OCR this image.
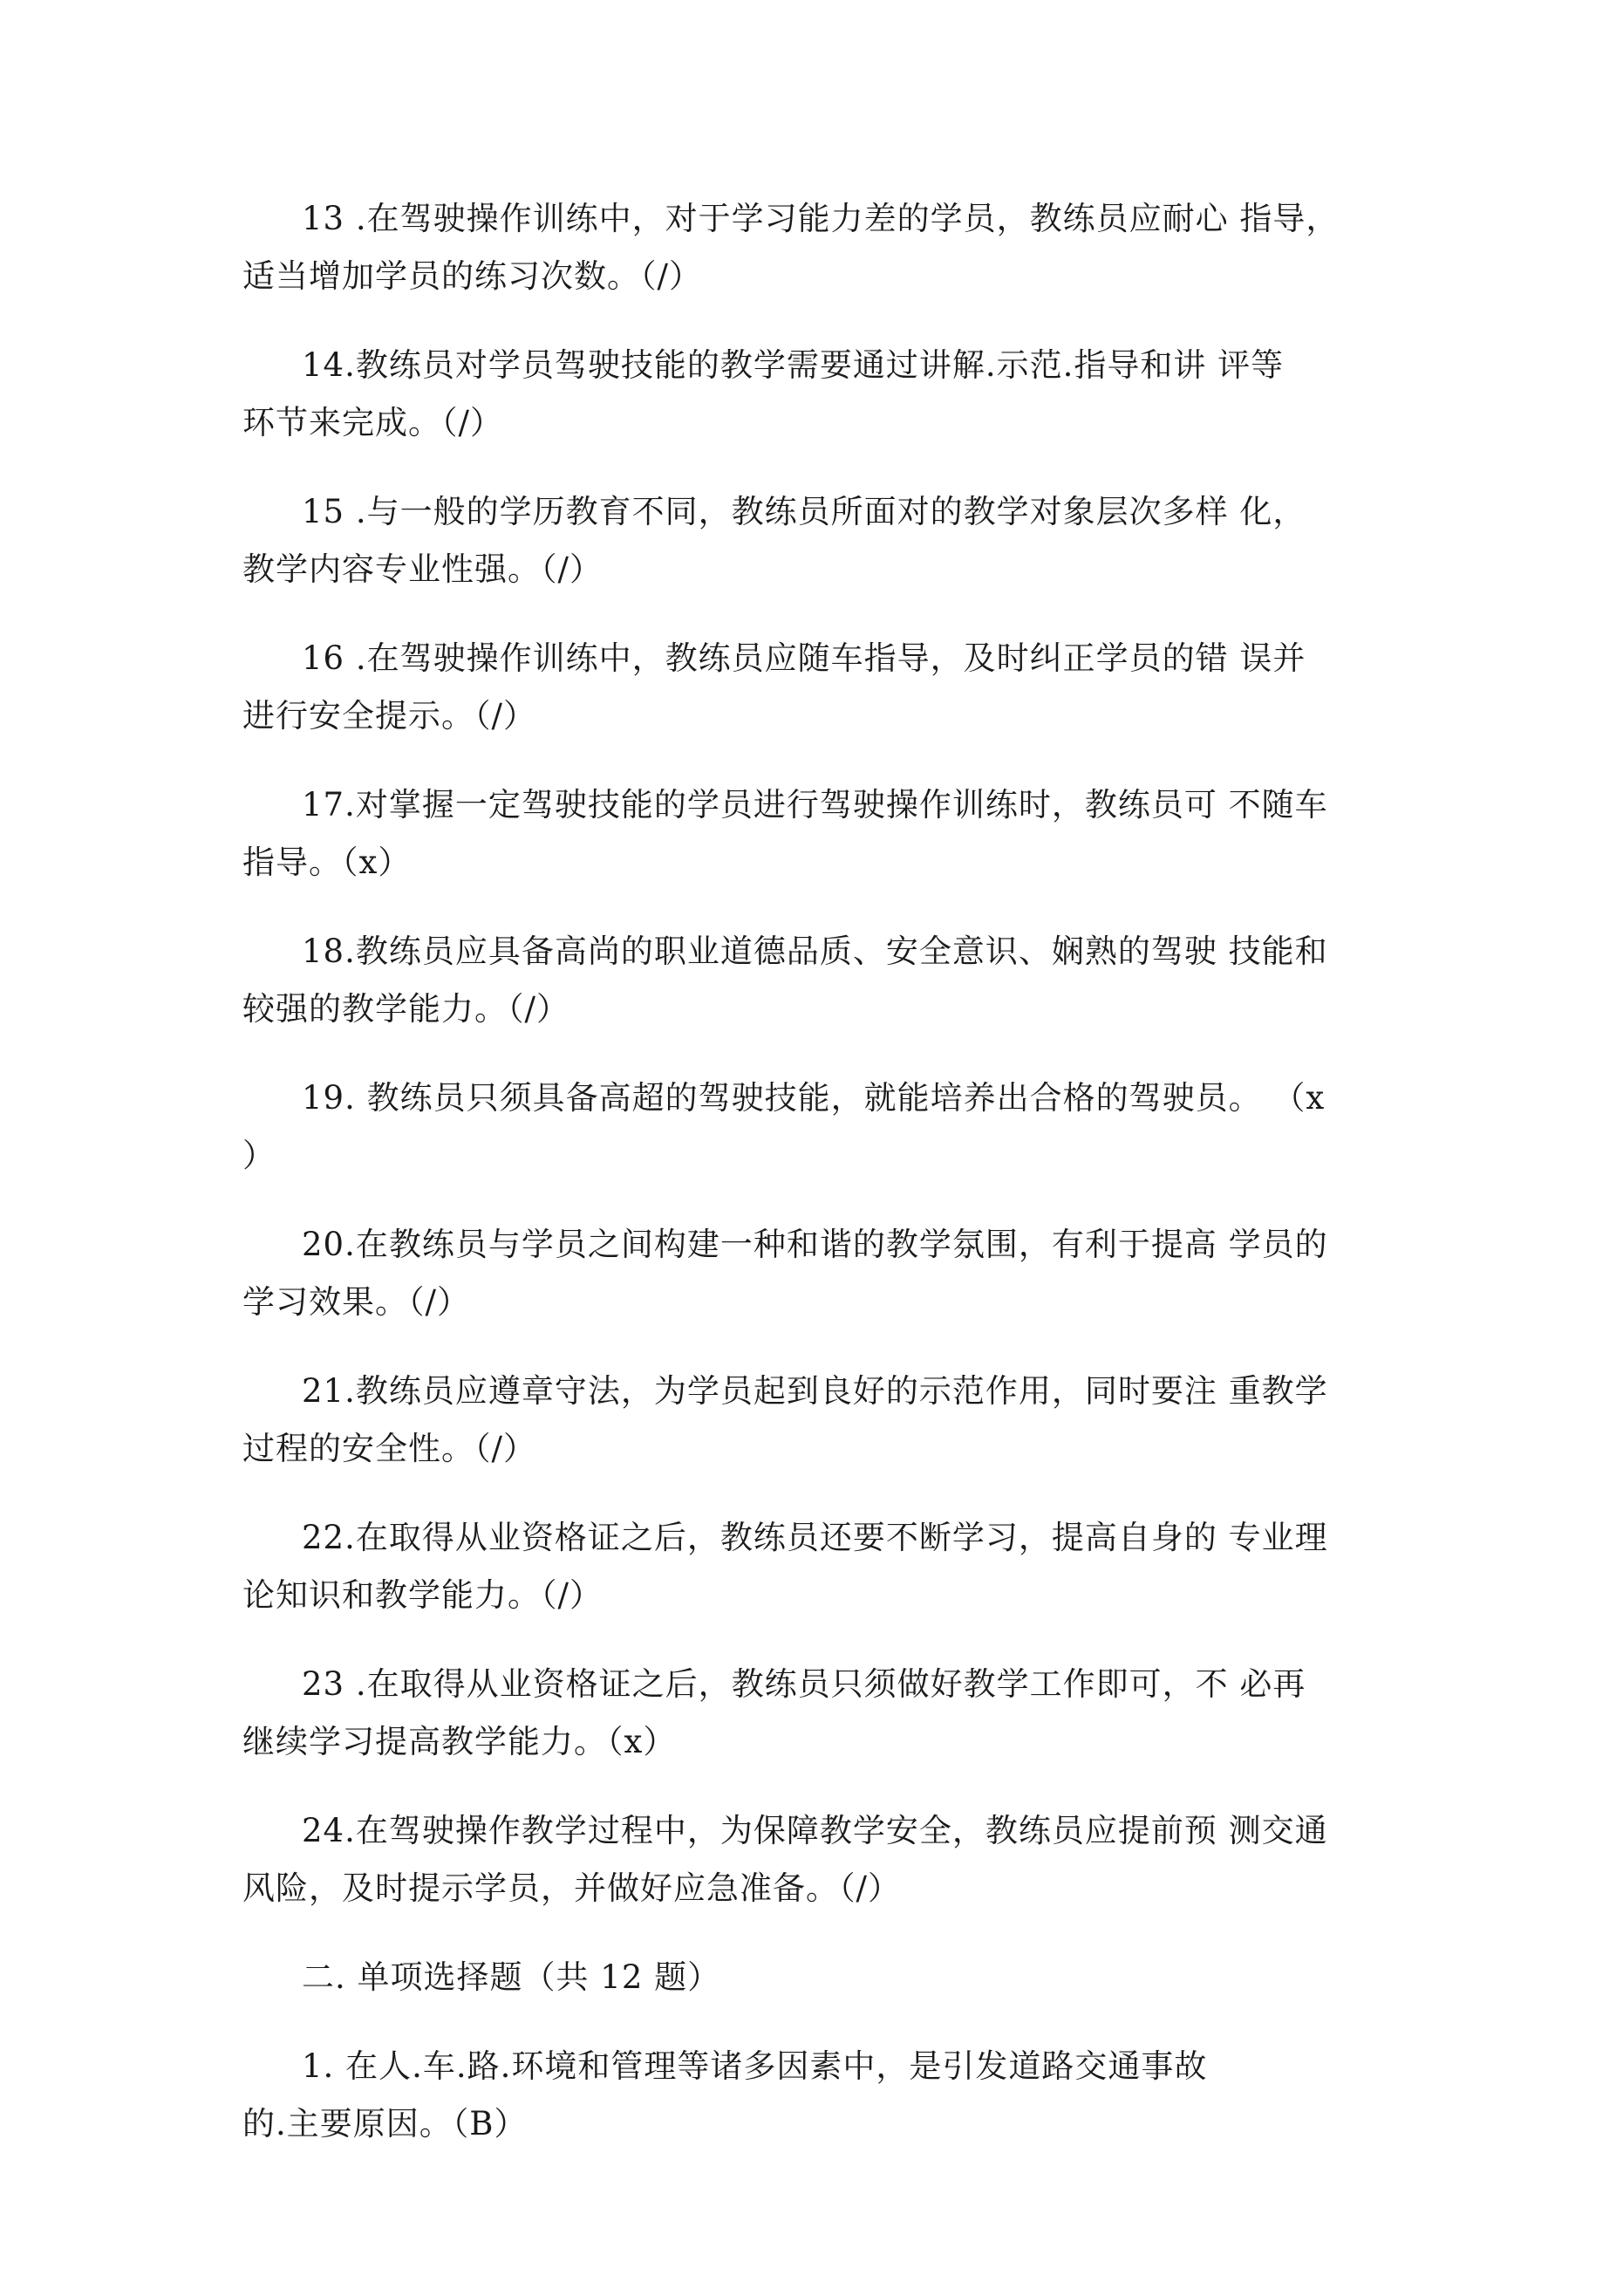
13 .在驾驶操作训练中，对于学习能力差的学员，教练员应耐心 指导，
适当增加学员的练习次数。（/）

14.教练员对学员驾驶技能的教学需要通过讲解.示范.指导和讲 评等
环节来完成。（/）

15 .与一般的学历教育不同，教练员所面对的教学对象层次多样 化，
教学内容专业性强。（/）

16 .在驾驶操作训练中，教练员应随车指导，及时纠正学员的错 误并
进行安全提示。（/）

17.对掌握一定驾驶技能的学员进行驾驶操作训练时，教练员可 不随车
指导。（x）

18.教练员应具备高尚的职业道德品质、安全意识、娴熟的驾驶 技能和
较强的教学能力。（/）

19. 教练员只须具备高超的驾驶技能，就能培养出合格的驾驶员。 （x
）

20.在教练员与学员之间构建一种和谐的教学氛围，有利于提高 学员的
学习效果。（/）

21.教练员应遵章守法，为学员起到良好的示范作用，同时要注 重教学
过程的安全性。（/）

22.在取得从业资格证之后，教练员还要不断学习，提高自身的 专业理
论知识和教学能力。（/）

23 .在取得从业资格证之后，教练员只须做好教学工作即可，不 必再
继续学习提高教学能力。（x）

24.在驾驶操作教学过程中，为保障教学安全，教练员应提前预 测交通
风险，及时提示学员，并做好应急准备。（/）

二. 单项选择题（共 12 题）

1. 在人.车.路.环境和管理等诸多因素中，是引发道路交通事故
的.主要原因。（B）
